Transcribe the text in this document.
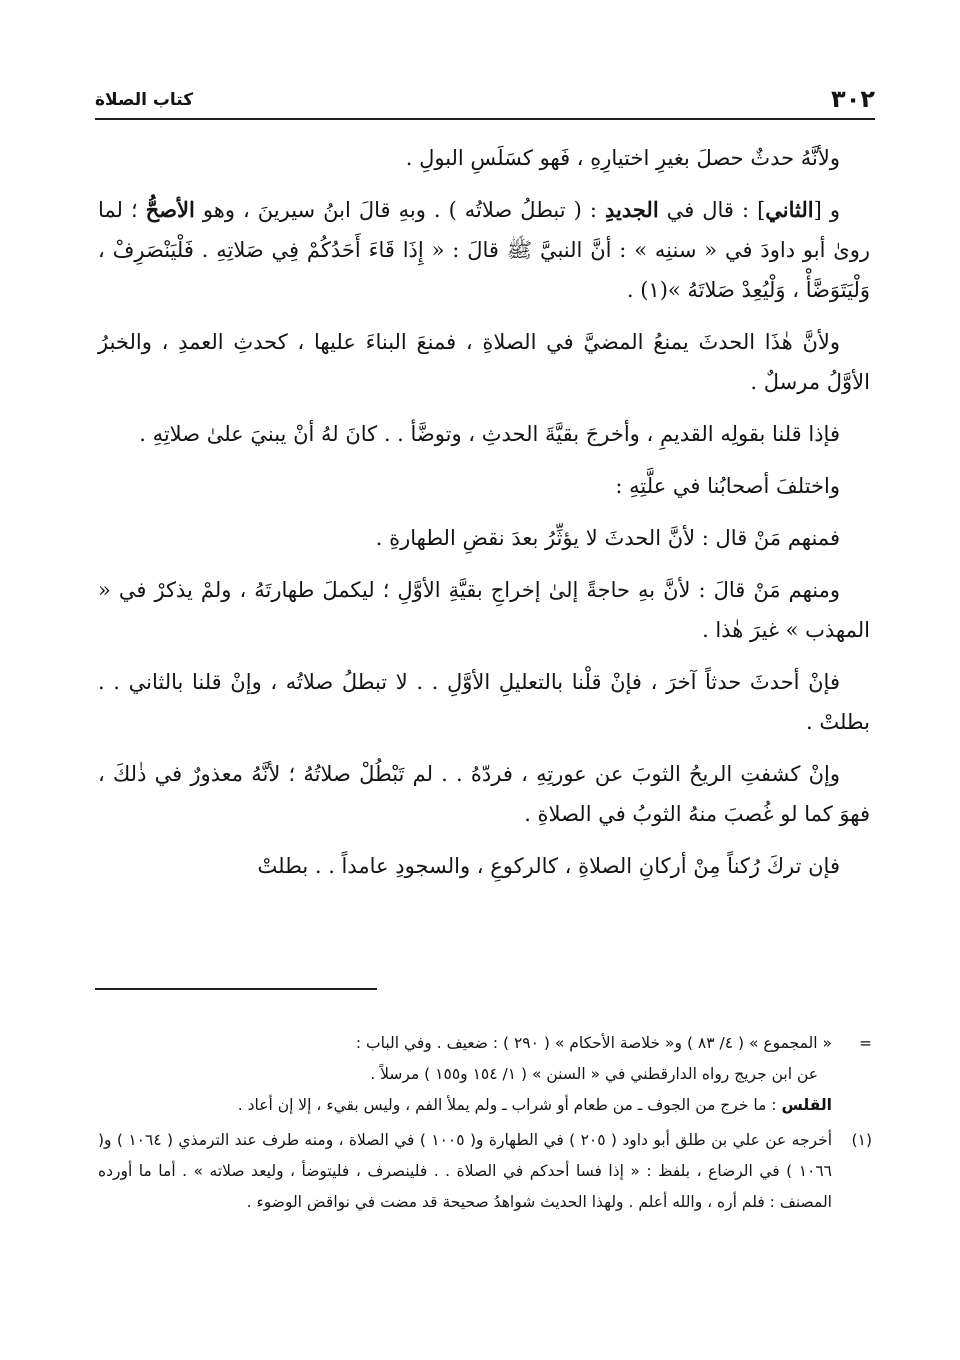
٣٠٢
كتاب الصلاة

ولأنَّهُ حدثٌ حصلَ بغيرِ اختيارِهِ ، فَهو كسَلَسِ البولِ .

و [الثاني] : قال في الجديدِ : ( تبطلُ صلاتُه ) . وبهِ قالَ ابنُ سيرينَ ، وهو الأصحُّ ؛ لما روىٰ أبو داودَ في « سننِه » : أنَّ النبيَّ ﷺ قالَ : « إِذَا قَاءَ أَحَدُكُمْ فِي صَلاتِهِ . فَلْيَنْصَرِفْ ، وَلْيَتَوَضَّأْ ، وَلْيُعِدْ صَلاتَهُ »(١) .

ولأنَّ هٰذَا الحدثَ يمنعُ المضيَّ في الصلاةِ ، فمنعَ البناءَ عليها ، كحدثِ العمدِ ، والخبرُ الأوَّلُ مرسلٌ .

فإذا قلنا بقولِه القديمِ ، وأخرجَ بقيَّةَ الحدثِ ، وتوضَّأ . . كانَ لهُ أنْ يبنيَ علىٰ صلاتِهِ .

واختلفَ أصحابُنا في علَّتِهِ :

فمنهم مَنْ قال : لأنَّ الحدثَ لا يؤثِّرُ بعدَ نقضِ الطهارةِ .

ومنهم مَنْ قالَ : لأنَّ بهِ حاجةً إلىٰ إخراجِ بقيَّةِ الأوَّلِ ؛ ليكملَ طهارتَهُ ، ولمْ يذكرْ في « المهذب » غيرَ هٰذا .

فإنْ أحدثَ حدثاً آخرَ ، فإنْ قلْنا بالتعليلِ الأوَّلِ . . لا تبطلُ صلاتُه ، وإنْ قلنا بالثاني . . بطلتْ .

وإنْ كشفتِ الريحُ الثوبَ عن عورتِهِ ، فردّهُ . . لم تَبْطُلْ صلاتُهُ ؛ لأنَّهُ معذورٌ في ذٰلكَ ، فهوَ كما لو غُصبَ منهُ الثوبُ في الصلاةِ .

فإن تركَ رُكناً مِنْ أركانِ الصلاةِ ، كالركوعِ ، والسجودِ عامداً . . بطلتْ

=
« المجموع » ( ٤/ ٨٣ ) و« خلاصة الأحكام » ( ٢٩٠ ) : ضعيف . وفي الباب :
عن ابن جريج رواه الدارقطني في « السنن » ( ١/ ١٥٤ و١٥٥ ) مرسلاً .
القلس : ما خرج من الجوف ـ من طعام أو شراب ـ ولم يملأ الفم ، وليس بقيء ، إلا إن أعاد .
(١)
أخرجه عن علي بن طلق أبو داود ( ٢٠٥ ) في الطهارة و( ١٠٠٥ ) في الصلاة ، ومنه طرف عند الترمذي ( ١٠٦٤ ) و( ١٠٦٦ ) في الرضاع ، بلفظ : « إذا فسا أحدكم في الصلاة . . فلينصرف ، فليتوضأ ، وليعد صلاته » . أما ما أورده المصنف : فلم أره ، والله أعلم . ولهذا الحديث شواهدُ صحيحة قد مضت في نواقض الوضوء .
